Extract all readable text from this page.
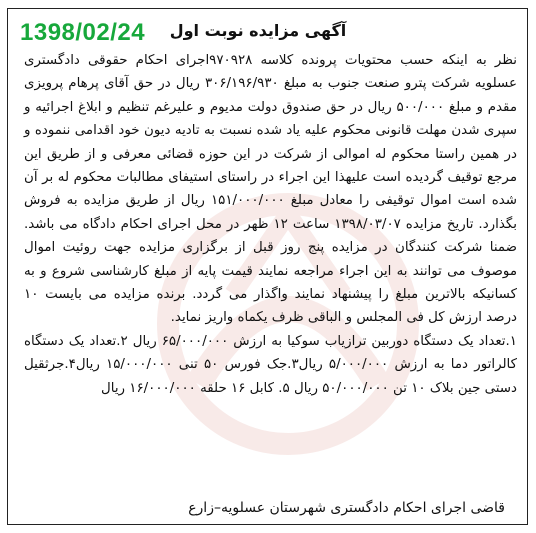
1398/02/24	آگهی مزایده نوبت اول

نظر به اینکه حسب محتویات پرونده کلاسه ۹۷۰۹۲۸اجرای احکام حقوقی دادگستری عسلویه شرکت پترو صنعت جنوب به مبلغ ۳۰۶/۱۹۶/۹۳۰ ریال در حق آقای پرهام پرویزی مقدم و مبلغ ۵۰۰/۰۰۰ ریال در حق صندوق دولت مدیوم و علیرغم تنظیم و ابلاغ اجرائیه و سپری شدن مهلت قانونی محکوم علیه یاد شده نسبت به تادیه دیون خود اقدامی ننموده و در همین راستا محکوم له اموالی از شرکت در این حوزه قضائی معرفی و از طریق این مرجع توقیف گردیده است علیهذا این اجراء در راستای استیفای مطالبات محکوم له بر آن شده است اموال توقیفی را معادل مبلغ ۱۵۱/۰۰۰/۰۰۰ ریال از طریق مزایده به فروش بگذارد. تاریخ مزایده ۱۳۹۸/۰۳/۰۷ ساعت ۱۲ ظهر در محل اجرای احکام دادگاه می باشد. ضمنا شرکت کنندگان در مزایده پنج روز قبل از برگزاری مزایده جهت روئیت اموال موصوف می توانند به این اجراء مراجعه نمایند قیمت پایه از مبلغ کارشناسی شروع و به کسانیکه بالاترین مبلغ را پیشنهاد نمایند واگذار می گردد. برنده مزایده می بایست ۱۰ درصد ارزش کل فی المجلس و الباقی ظرف یکماه واریز نماید.

۱.تعداد یک دستگاه دوربین ترازیاب سوکیا به ارزش ۶۵/۰۰۰/۰۰۰ ریال ۲.تعداد یک دستگاه کالراتور دما به ارزش ۵/۰۰۰/۰۰۰ ریال۳.جک فورس ۵۰ تنی ۱۵/۰۰۰/۰۰۰ ریال۴.جرثقیل دستی جین بلاک ۱۰ تن ۵۰/۰۰۰/۰۰۰ ریال ۵. کابل ۱۶ حلقه ۱۶/۰۰۰/۰۰۰ ریال

قاضی اجرای احکام دادگستری شهرستان عسلویه–زارع
